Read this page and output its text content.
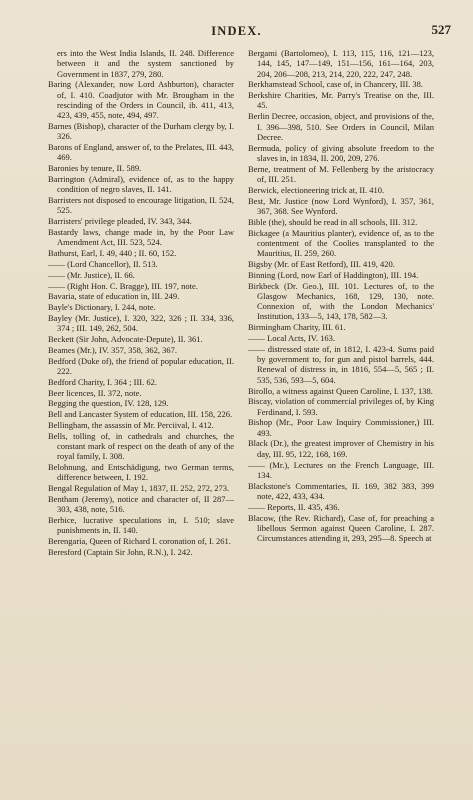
INDEX.	527
ers into the West India Islands, II. 248. Difference between it and the system sanctioned by Government in 1837, 279, 280.
Baring (Alexander, now Lord Ashburton), character of, I. 410. Coadjutor with Mr. Brougham in the rescinding of the Orders in Council, ib. 411, 413, 423, 439, 455, note, 494, 497.
Barnes (Bishop), character of the Durham clergy by, I. 326.
Barons of England, answer of, to the Prelates, III. 443, 469.
Baronies by tenure, II. 589.
Barrington (Admiral), evidence of, as to the happy condition of negro slaves, II. 141.
Barristers not disposed to encourage litigation, II. 524, 525.
Barristers' privilege pleaded, IV. 343, 344.
Bastardy laws, change made in, by the Poor Law Amendment Act, III. 523, 524.
Bathurst, Earl, I. 49, 440 ; II. 60, 152.
—— (Lord Chancellor), II. 513.
—— (Mr. Justice), II. 66.
—— (Right Hon. C. Bragge), III. 197, note.
Bavaria, state of education in, III. 249.
Bayle's Dictionary, I. 244, note.
Bayley (Mr. Justice), I. 320, 322, 326 ; II. 334, 336, 374 ; III. 149, 262, 504.
Beckett (Sir John, Advocate-Depute), II. 361.
Beames (Mr.), IV. 357, 358, 362, 367.
Bedford (Duke of), the friend of popular education, II. 222.
Bedford Charity, I. 364 ; III. 62.
Beer licences, II. 372, note.
Begging the question, IV. 128, 129.
Bell and Lancaster System of education, III. 158, 226.
Bellingham, the assassin of Mr. Perciival, I. 412.
Bells, tolling of, in cathedrals and churches, the constant mark of respect on the death of any of the royal family, I. 308.
Belohnung, and Entschädigung, two German terms, difference between, I. 192.
Bengal Regulation of May 1, 1837, II. 252, 272, 273.
Bentham (Jeremy), notice and character of, II 287—303, 438, note, 516.
Berbice, lucrative speculations in, I. 510; slave punishments in, II. 140.
Berengaria, Queen of Richard I. coronation of, I. 261.
Beresford (Captain Sir John, R.N.), I. 242.
Bergami (Bartolomeo), I. 113, 115, 116, 121—123, 144, 145, 147—149, 151—156, 161—164, 203, 204, 206—208, 213, 214, 220, 222, 247, 248.
Berkhamstead School, case of, in Chancery, III. 38.
Berkshire Charities, Mr. Parry's Treatise on the, III. 45.
Berlin Decree, occasion, object, and provisions of the, I. 396—398, 510. See Orders in Council, Milan Decree.
Bermuda, policy of giving absolute freedom to the slaves in, in 1834, II. 200, 209, 276.
Berne, treatment of M. Fellenberg by the aristocracy of, III. 251.
Berwick, electioneering trick at, II. 410.
Best, Mr. Justice (now Lord Wynford), I. 357, 361, 367, 368. See Wynford.
Bible (the), should be read in all schools, III. 312.
Bickagee (a Mauritius planter), evidence of, as to the contentment of the Coolies transplanted to the Mauritius, II. 259, 260.
Bigsby (Mr. of East Retford), III. 419, 420.
Binning (Lord, now Earl of Haddington), III. 194.
Birkbeck (Dr. Geo.), III. 101. Lectures of, to the Glasgow Mechanics, 168, 129, 130, note. Connexion of, with the London Mechanics' Institution, 133—5, 143, 178, 582—3.
Birmingham Charity, III. 61.
—— Local Acts, IV. 163.
—— distressed state of, in 1812, I. 423-4. Sums paid by government to, for gun and pistol barrels, 444. Renewal of distress in, in 1816, 554—5, 565 ; II. 535, 536, 593—5, 604.
Birollo, a witness against Queen Caroline, I. 137, 138.
Biscay, violation of commercial privileges of, by King Ferdinand, I. 593.
Bishop (Mr., Poor Law Inquiry Commissioner,) III. 493.
Black (Dr.), the greatest improver of Chemistry in his day, III. 95, 122, 168, 169.
—— (Mr.), Lectures on the French Language, III. 134.
Blackstone's Commentaries, II. 169, 382 383, 399 note, 422, 433, 434.
—— Reports, II. 435, 436.
Blacow, (the Rev. Richard), Case of, for preaching a libellous Sermon against Queen Caroline, I. 287. Circumstances attending it, 293, 295—8. Speech at
